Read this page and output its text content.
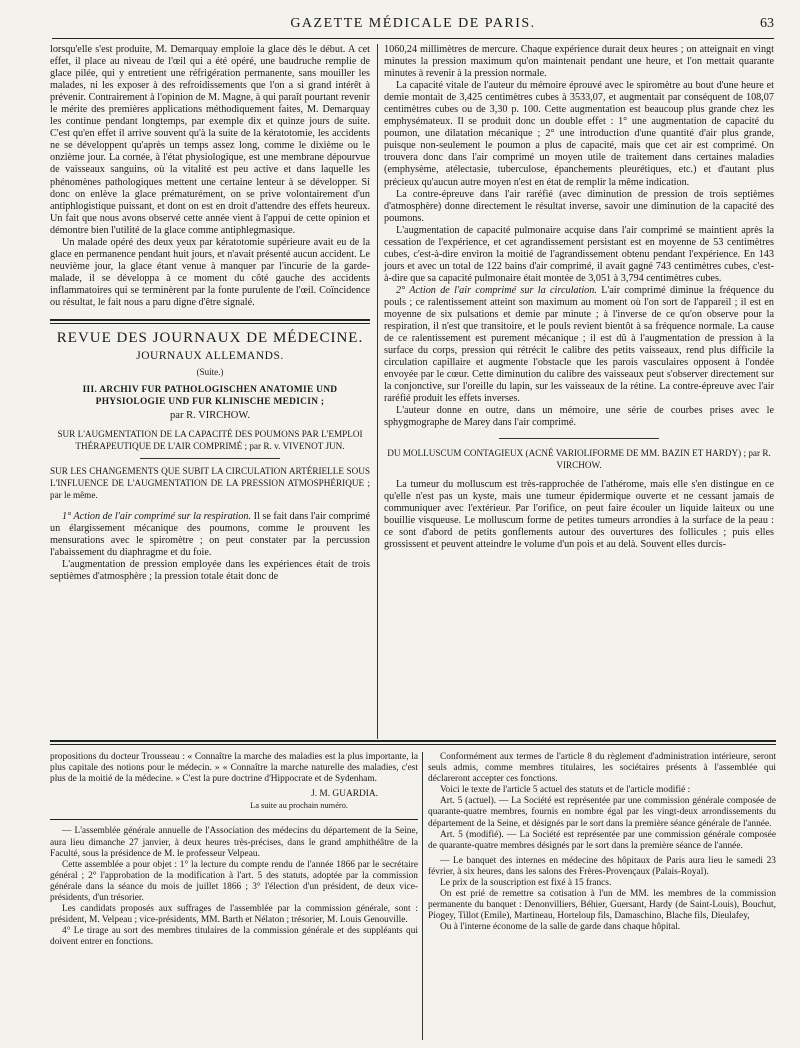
GAZETTE MÉDICALE DE PARIS.	63

lorsqu'elle s'est produite, M. Demarquay emploie la glace dès le début. A cet effet, il place au niveau de l'œil qui a été opéré, une baudruche remplie de glace pilée, qui y entretient une réfrigération permanente, sans mouiller les malades, ni les exposer à des refroidissements que l'on a si grand intérêt à prévenir. Contrairement à l'opinion de M. Magne, à qui paraît pourtant revenir le mérite des premières applications méthodiquement faites, M. Demarquay les continue pendant longtemps, par exemple dix et quinze jours de suite. C'est qu'en effet il arrive souvent qu'à la suite de la kératotomie, les accidents ne se développent qu'après un temps assez long, comme le dixième ou le onzième jour. La cornée, à l'état physiologique, est une membrane dépourvue de vaisseaux sanguins, où la vitalité est peu active et dans laquelle les phénomènes pathologiques mettent une certaine lenteur à se développer. Si donc on enlève la glace prématurément, on se prive volontairement d'un antiphlogistique puissant, et dont on est en droit d'attendre des effets heureux. Un fait que nous avons observé cette année vient à l'appui de cette opinion et démontre bien l'utilité de la glace comme antiphlegmasique.

Un malade opéré des deux yeux par kératotomie supérieure avait eu de la glace en permanence pendant huit jours, et n'avait présenté aucun accident. Le neuvième jour, la glace étant venue à manquer par l'incurie de la garde-malade, il se développa à ce moment du côté gauche des accidents inflammatoires qui se terminèrent par la fonte purulente de l'œil. Coïncidence ou résultat, le fait nous a paru digne d'être signalé.

REVUE DES JOURNAUX DE MÉDECINE.
JOURNAUX ALLEMANDS.
(Suite.)

III. ARCHIV FUR PATHOLOGISCHEN ANATOMIE UND PHYSIOLOGIE UND FUR KLINISCHE MEDICIN ;

par R. VIRCHOW.

SUR L'AUGMENTATION DE LA CAPACITÉ DES POUMONS PAR L'EMPLOI THÉRAPEUTIQUE DE L'AIR COMPRIMÉ ; par R. v. VIVENOT JUN.

SUR LES CHANGEMENTS QUE SUBIT LA CIRCULATION ARTÉRIELLE SOUS L'INFLUENCE DE L'AUGMENTATION DE LA PRESSION ATMOSPHÉRIQUE ; par le même.

1° Action de l'air comprimé sur la respiration. Il se fait dans l'air comprimé un élargissement mécanique des poumons, comme le prouvent les mensurations avec le spiromètre ; on peut constater par la percussion l'abaissement du diaphragme et du foie.

L'augmentation de pression employée dans les expériences était de trois septièmes d'atmosphère ; la pression totale était donc de

1060,24 millimètres de mercure. Chaque expérience durait deux heures ; on atteignait en vingt minutes la pression maximum qu'on maintenait pendant une heure, et l'on mettait quarante minutes à revenir à la pression normale.

La capacité vitale de l'auteur du mémoire éprouvé avec le spiromètre au bout d'une heure et demie montait de 3,425 centimètres cubes à 3533,07, et augmentait par conséquent de 108,07 centimètres cubes ou de 3,30 p. 100. Cette augmentation est beaucoup plus grande chez les emphysémateux. Il se produit donc un double effet : 1° une augmentation de capacité du poumon, une dilatation mécanique ; 2° une introduction d'une quantité d'air plus grande, puisque non-seulement le poumon a plus de capacité, mais que cet air est comprimé. On trouvera donc dans l'air comprimé un moyen utile de traitement dans certaines maladies (emphysème, atélectasie, tuberculose, épanchements pleurétiques, etc.) et d'autant plus précieux qu'aucun autre moyen n'est en état de remplir la même indication.

La contre-épreuve dans l'air raréfié (avec diminution de pression de trois septièmes d'atmosphère) donne directement le résultat inverse, savoir une diminution de la capacité des poumons.

L'augmentation de capacité pulmonaire acquise dans l'air comprimé se maintient après la cessation de l'expérience, et cet agrandissement persistant est en moyenne de 53 centimètres cubes, c'est-à-dire environ la moitié de l'agrandissement obtenu pendant l'expérience. En 143 jours et avec un total de 122 bains d'air comprimé, il avait gagné 743 centimètres cubes, c'est-à-dire que sa capacité pulmonaire était montée de 3,051 à 3,794 centimètres cubes.

2° Action de l'air comprimé sur la circulation. L'air comprimé diminue la fréquence du pouls ; ce ralentissement atteint son maximum au moment où l'on sort de l'appareil ; il est en moyenne de six pulsations et demie par minute ; à l'inverse de ce qu'on observe pour la respiration, il n'est que transitoire, et le pouls revient bientôt à sa fréquence normale. La cause de ce ralentissement est purement mécanique ; il est dû à l'augmentation de pression à la surface du corps, pression qui rétrécit le calibre des petits vaisseaux, rend plus difficile la circulation capillaire et augmente l'obstacle que les parois vasculaires opposent à l'ondée envoyée par le cœur. Cette diminution du calibre des vaisseaux peut s'observer directement sur la conjonctive, sur l'oreille du lapin, sur les vaisseaux de la rétine. La contre-épreuve avec l'air raréfié produit les effets inverses.

L'auteur donne en outre, dans un mémoire, une série de courbes prises avec le sphygmographe de Marey dans l'air comprimé.

DU MOLLUSCUM CONTAGIEUX (ACNÉ VARIOLIFORME DE MM. BAZIN ET HARDY) ; par R. VIRCHOW.

La tumeur du molluscum est très-rapprochée de l'athérome, mais elle s'en distingue en ce qu'elle n'est pas un kyste, mais une tumeur épidermique ouverte et ne cessant jamais de communiquer avec l'extérieur. Par l'orifice, on peut faire écouler un liquide laiteux ou une bouillie visqueuse. Le molluscum forme de petites tumeurs arrondies à la surface de la peau : ce sont d'abord de petits gonflements autour des ouvertures des follicules ; puis elles grossissent et peuvent atteindre le volume d'un pois et au delà. Souvent elles durcis-

propositions du docteur Trousseau : « Connaître la marche des maladies est la plus importante, la plus capitale des notions pour le médecin. » « Connaître la marche naturelle des maladies, c'est plus de la moitié de la médecine. » C'est la pure doctrine d'Hippocrate et de Sydenham.

J. M. GUARDIA.

La suite au prochain numéro.

— L'assemblée générale annuelle de l'Association des médecins du département de la Seine, aura lieu dimanche 27 janvier, à deux heures très-précises, dans le grand amphithéâtre de la Faculté, sous la présidence de M. le professeur Velpeau.

Cette assemblée a pour objet : 1° la lecture du compte rendu de l'année 1866 par le secrétaire général ; 2° l'approbation de la modification à l'art. 5 des statuts, adoptée par la commission générale dans la séance du mois de juillet 1866 ; 3° l'élection d'un président, de deux vice-présidents, d'un trésorier.

Les candidats proposés aux suffrages de l'assemblée par la commission générale, sont : président, M. Velpeau ; vice-présidents, MM. Barth et Nélaton ; trésorier, M. Louis Genouville.

4° Le tirage au sort des membres titulaires de la commission générale et des suppléants qui doivent entrer en fonctions.

Conformément aux termes de l'article 8 du règlement d'administration intérieure, seront seuls admis, comme membres titulaires, les sociétaires présents à l'assemblée qui déclareront accepter ces fonctions.

Voici le texte de l'article 5 actuel des statuts et de l'article modifié :

Art. 5 (actuel). — La Société est représentée par une commission générale composée de quarante-quatre membres, fournis en nombre égal par les vingt-deux arrondissements du département de la Seine, et désignés par le sort dans la première séance générale de l'année.

Art. 5 (modifié). — La Société est représentée par une commission générale composée de quarante-quatre membres désignés par le sort dans la première séance de l'année.

— Le banquet des internes en médecine des hôpitaux de Paris aura lieu le samedi 23 février, à six heures, dans les salons des Frères-Provençaux (Palais-Royal).

Le prix de la souscription est fixé à 15 francs.

On est prié de remettre sa cotisation à l'un de MM. les membres de la commission permanente du banquet : Denonvilliers, Béhier, Guersant, Hardy (de Saint-Louis), Bouchut, Piogey, Tillot (Emile), Martineau, Horteloup fils, Damaschino, Blache fils, Dieulafey,

Ou à l'interne économe de la salle de garde dans chaque hôpital.
